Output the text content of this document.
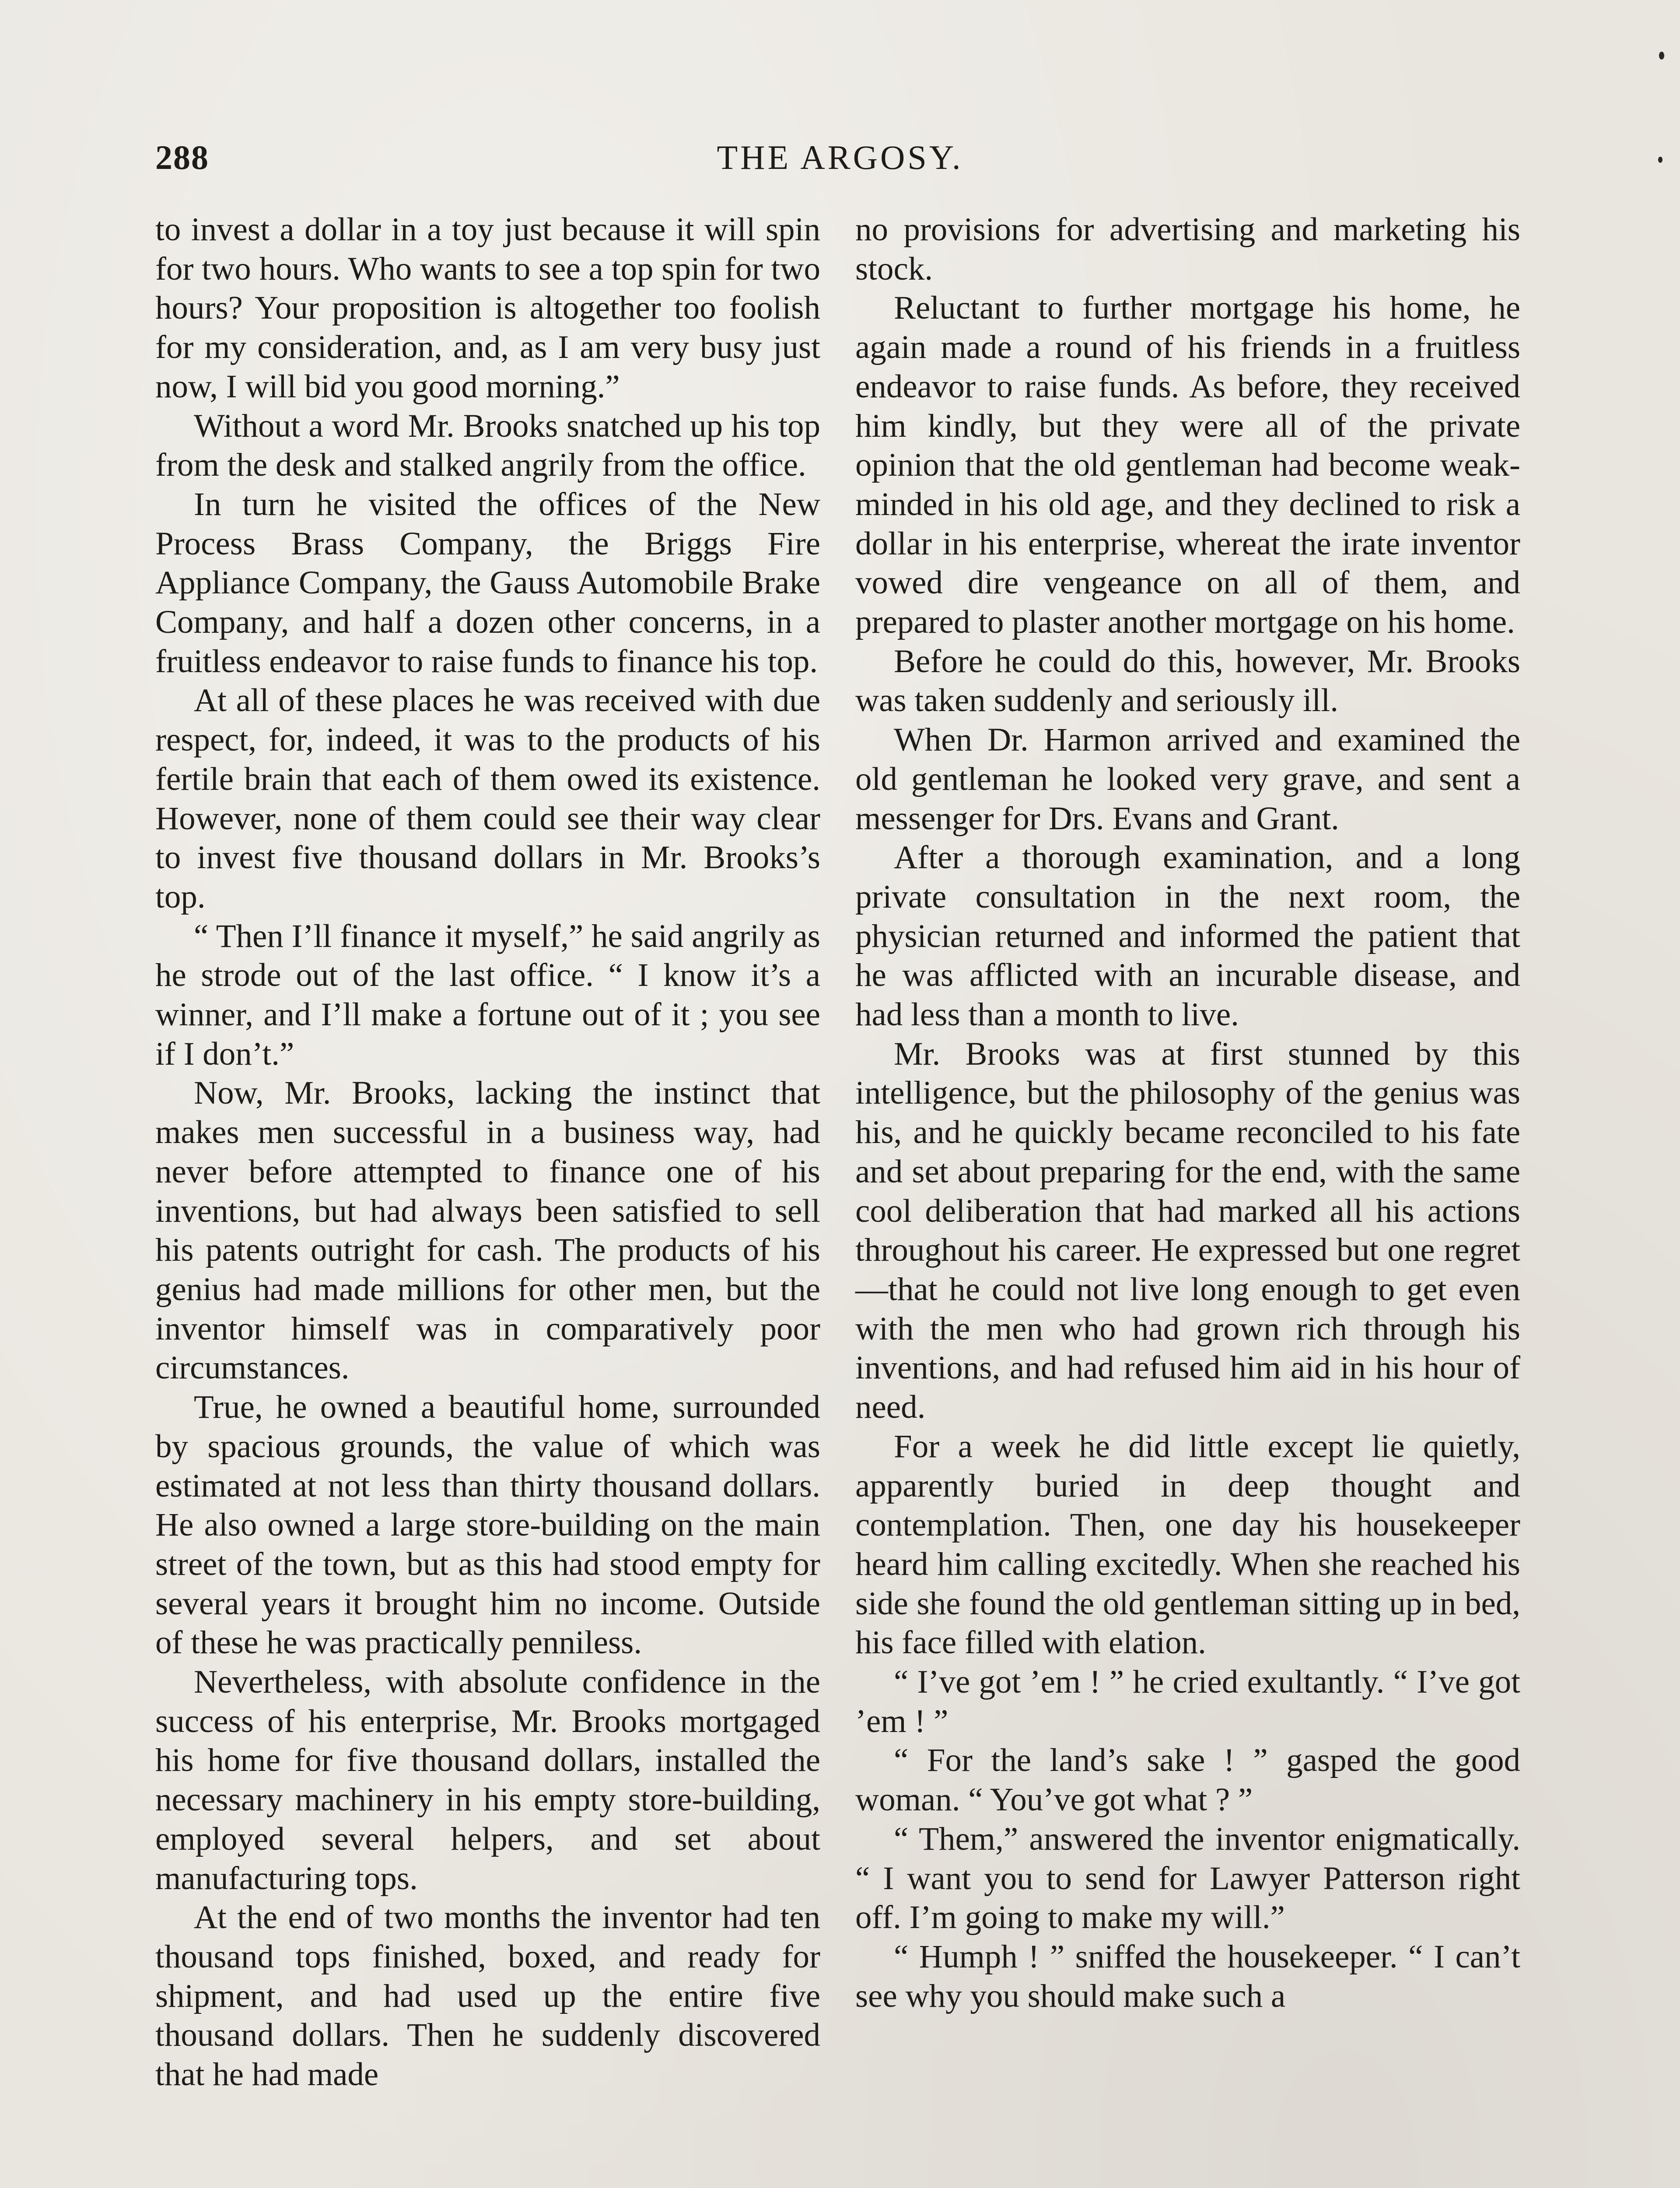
288	THE ARGOSY.

to invest a dollar in a toy just because it will spin for two hours. Who wants to see a top spin for two hours? Your proposition is altogether too foolish for my consideration, and, as I am very busy just now, I will bid you good morning.”

Without a word Mr. Brooks snatched up his top from the desk and stalked angrily from the office.

In turn he visited the offices of the New Process Brass Company, the Briggs Fire Appliance Company, the Gauss Automobile Brake Company, and half a dozen other concerns, in a fruitless endeavor to raise funds to finance his top.

At all of these places he was received with due respect, for, indeed, it was to the products of his fertile brain that each of them owed its existence. However, none of them could see their way clear to invest five thousand dollars in Mr. Brooks’s top.

“ Then I’ll finance it myself,” he said angrily as he strode out of the last office. “ I know it’s a winner, and I’ll make a fortune out of it ; you see if I don’t.”

Now, Mr. Brooks, lacking the instinct that makes men successful in a business way, had never before attempted to finance one of his inventions, but had always been satisfied to sell his patents outright for cash. The products of his genius had made millions for other men, but the inventor himself was in comparatively poor circumstances.

True, he owned a beautiful home, surrounded by spacious grounds, the value of which was estimated at not less than thirty thousand dollars. He also owned a large store-building on the main street of the town, but as this had stood empty for several years it brought him no income. Outside of these he was practically penniless.

Nevertheless, with absolute confidence in the success of his enterprise, Mr. Brooks mortgaged his home for five thousand dollars, installed the necessary machinery in his empty store-building, employed several helpers, and set about manufacturing tops.

At the end of two months the inventor had ten thousand tops finished, boxed, and ready for shipment, and had used up the entire five thousand dollars. Then he suddenly discovered that he had made

no provisions for advertising and marketing his stock.

Reluctant to further mortgage his home, he again made a round of his friends in a fruitless endeavor to raise funds. As before, they received him kindly, but they were all of the private opinion that the old gentleman had become weak-minded in his old age, and they declined to risk a dollar in his enterprise, whereat the irate inventor vowed dire vengeance on all of them, and prepared to plaster another mortgage on his home.

Before he could do this, however, Mr. Brooks was taken suddenly and seriously ill.

When Dr. Harmon arrived and examined the old gentleman he looked very grave, and sent a messenger for Drs. Evans and Grant.

After a thorough examination, and a long private consultation in the next room, the physician returned and informed the patient that he was afflicted with an incurable disease, and had less than a month to live.

Mr. Brooks was at first stunned by this intelligence, but the philosophy of the genius was his, and he quickly became reconciled to his fate and set about preparing for the end, with the same cool deliberation that had marked all his actions throughout his career. He expressed but one regret—that he could not live long enough to get even with the men who had grown rich through his inventions, and had refused him aid in his hour of need.

For a week he did little except lie quietly, apparently buried in deep thought and contemplation. Then, one day his housekeeper heard him calling excitedly. When she reached his side she found the old gentleman sitting up in bed, his face filled with elation.

“ I’ve got ’em ! ” he cried exultantly. “ I’ve got ’em ! ”

“ For the land’s sake ! ” gasped the good woman. “ You’ve got what ? ”

“ Them,” answered the inventor enigmatically. “ I want you to send for Lawyer Patterson right off. I’m going to make my will.”

“ Humph ! ” sniffed the housekeeper. “ I can’t see why you should make such a
